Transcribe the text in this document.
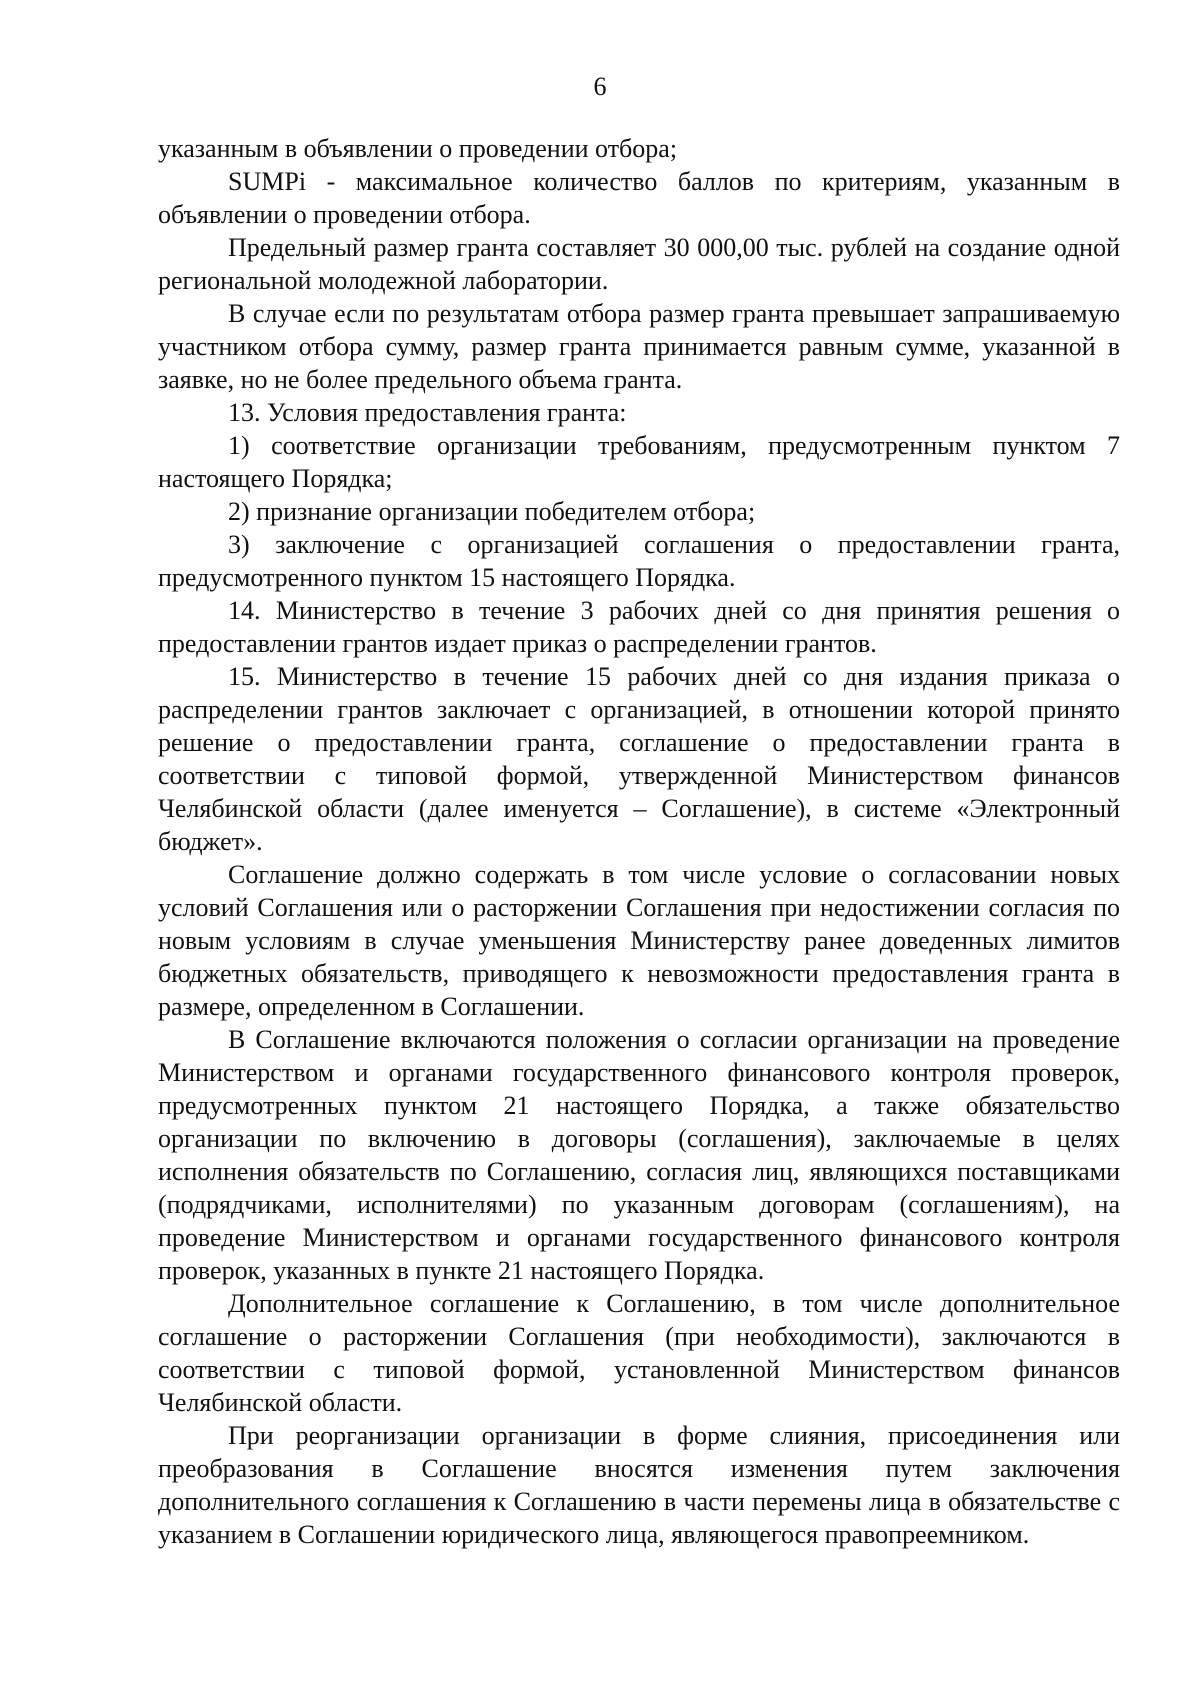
6

указанным в объявлении о проведении отбора;

SUMPi - максимальное количество баллов по критериям, указанным в объявлении о проведении отбора.

Предельный размер гранта составляет 30 000,00 тыс. рублей на создание одной региональной молодежной лаборатории.

В случае если по результатам отбора размер гранта превышает запрашиваемую участником отбора сумму, размер гранта принимается равным сумме, указанной в заявке, но не более предельного объема гранта.

13. Условия предоставления гранта:

1) соответствие организации требованиям, предусмотренным пунктом 7 настоящего Порядка;

2) признание организации победителем отбора;

3) заключение с организацией соглашения о предоставлении гранта, предусмотренного пунктом 15 настоящего Порядка.

14. Министерство в течение 3 рабочих дней со дня принятия решения о предоставлении грантов издает приказ о распределении грантов.

15. Министерство в течение 15 рабочих дней со дня издания приказа о распределении грантов заключает с организацией, в отношении которой принято решение о предоставлении гранта, соглашение о предоставлении гранта в соответствии с типовой формой, утвержденной Министерством финансов Челябинской области (далее именуется – Соглашение), в системе «Электронный бюджет».

Соглашение должно содержать в том числе условие о согласовании новых условий Соглашения или о расторжении Соглашения при недостижении согласия по новым условиям в случае уменьшения Министерству ранее доведенных лимитов бюджетных обязательств, приводящего к невозможности предоставления гранта в размере, определенном в Соглашении.

В Соглашение включаются положения о согласии организации на проведение Министерством и органами государственного финансового контроля проверок, предусмотренных пунктом 21 настоящего Порядка, а также обязательство организации по включению в договоры (соглашения), заключаемые в целях исполнения обязательств по Соглашению, согласия лиц, являющихся поставщиками (подрядчиками, исполнителями) по указанным договорам (соглашениям), на проведение Министерством и органами государственного финансового контроля проверок, указанных в пункте 21 настоящего Порядка.

Дополнительное соглашение к Соглашению, в том числе дополнительное соглашение о расторжении Соглашения (при необходимости), заключаются в соответствии с типовой формой, установленной Министерством финансов Челябинской области.

При реорганизации организации в форме слияния, присоединения или преобразования в Соглашение вносятся изменения путем заключения дополнительного соглашения к Соглашению в части перемены лица в обязательстве с указанием в Соглашении юридического лица, являющегося правопреемником.
